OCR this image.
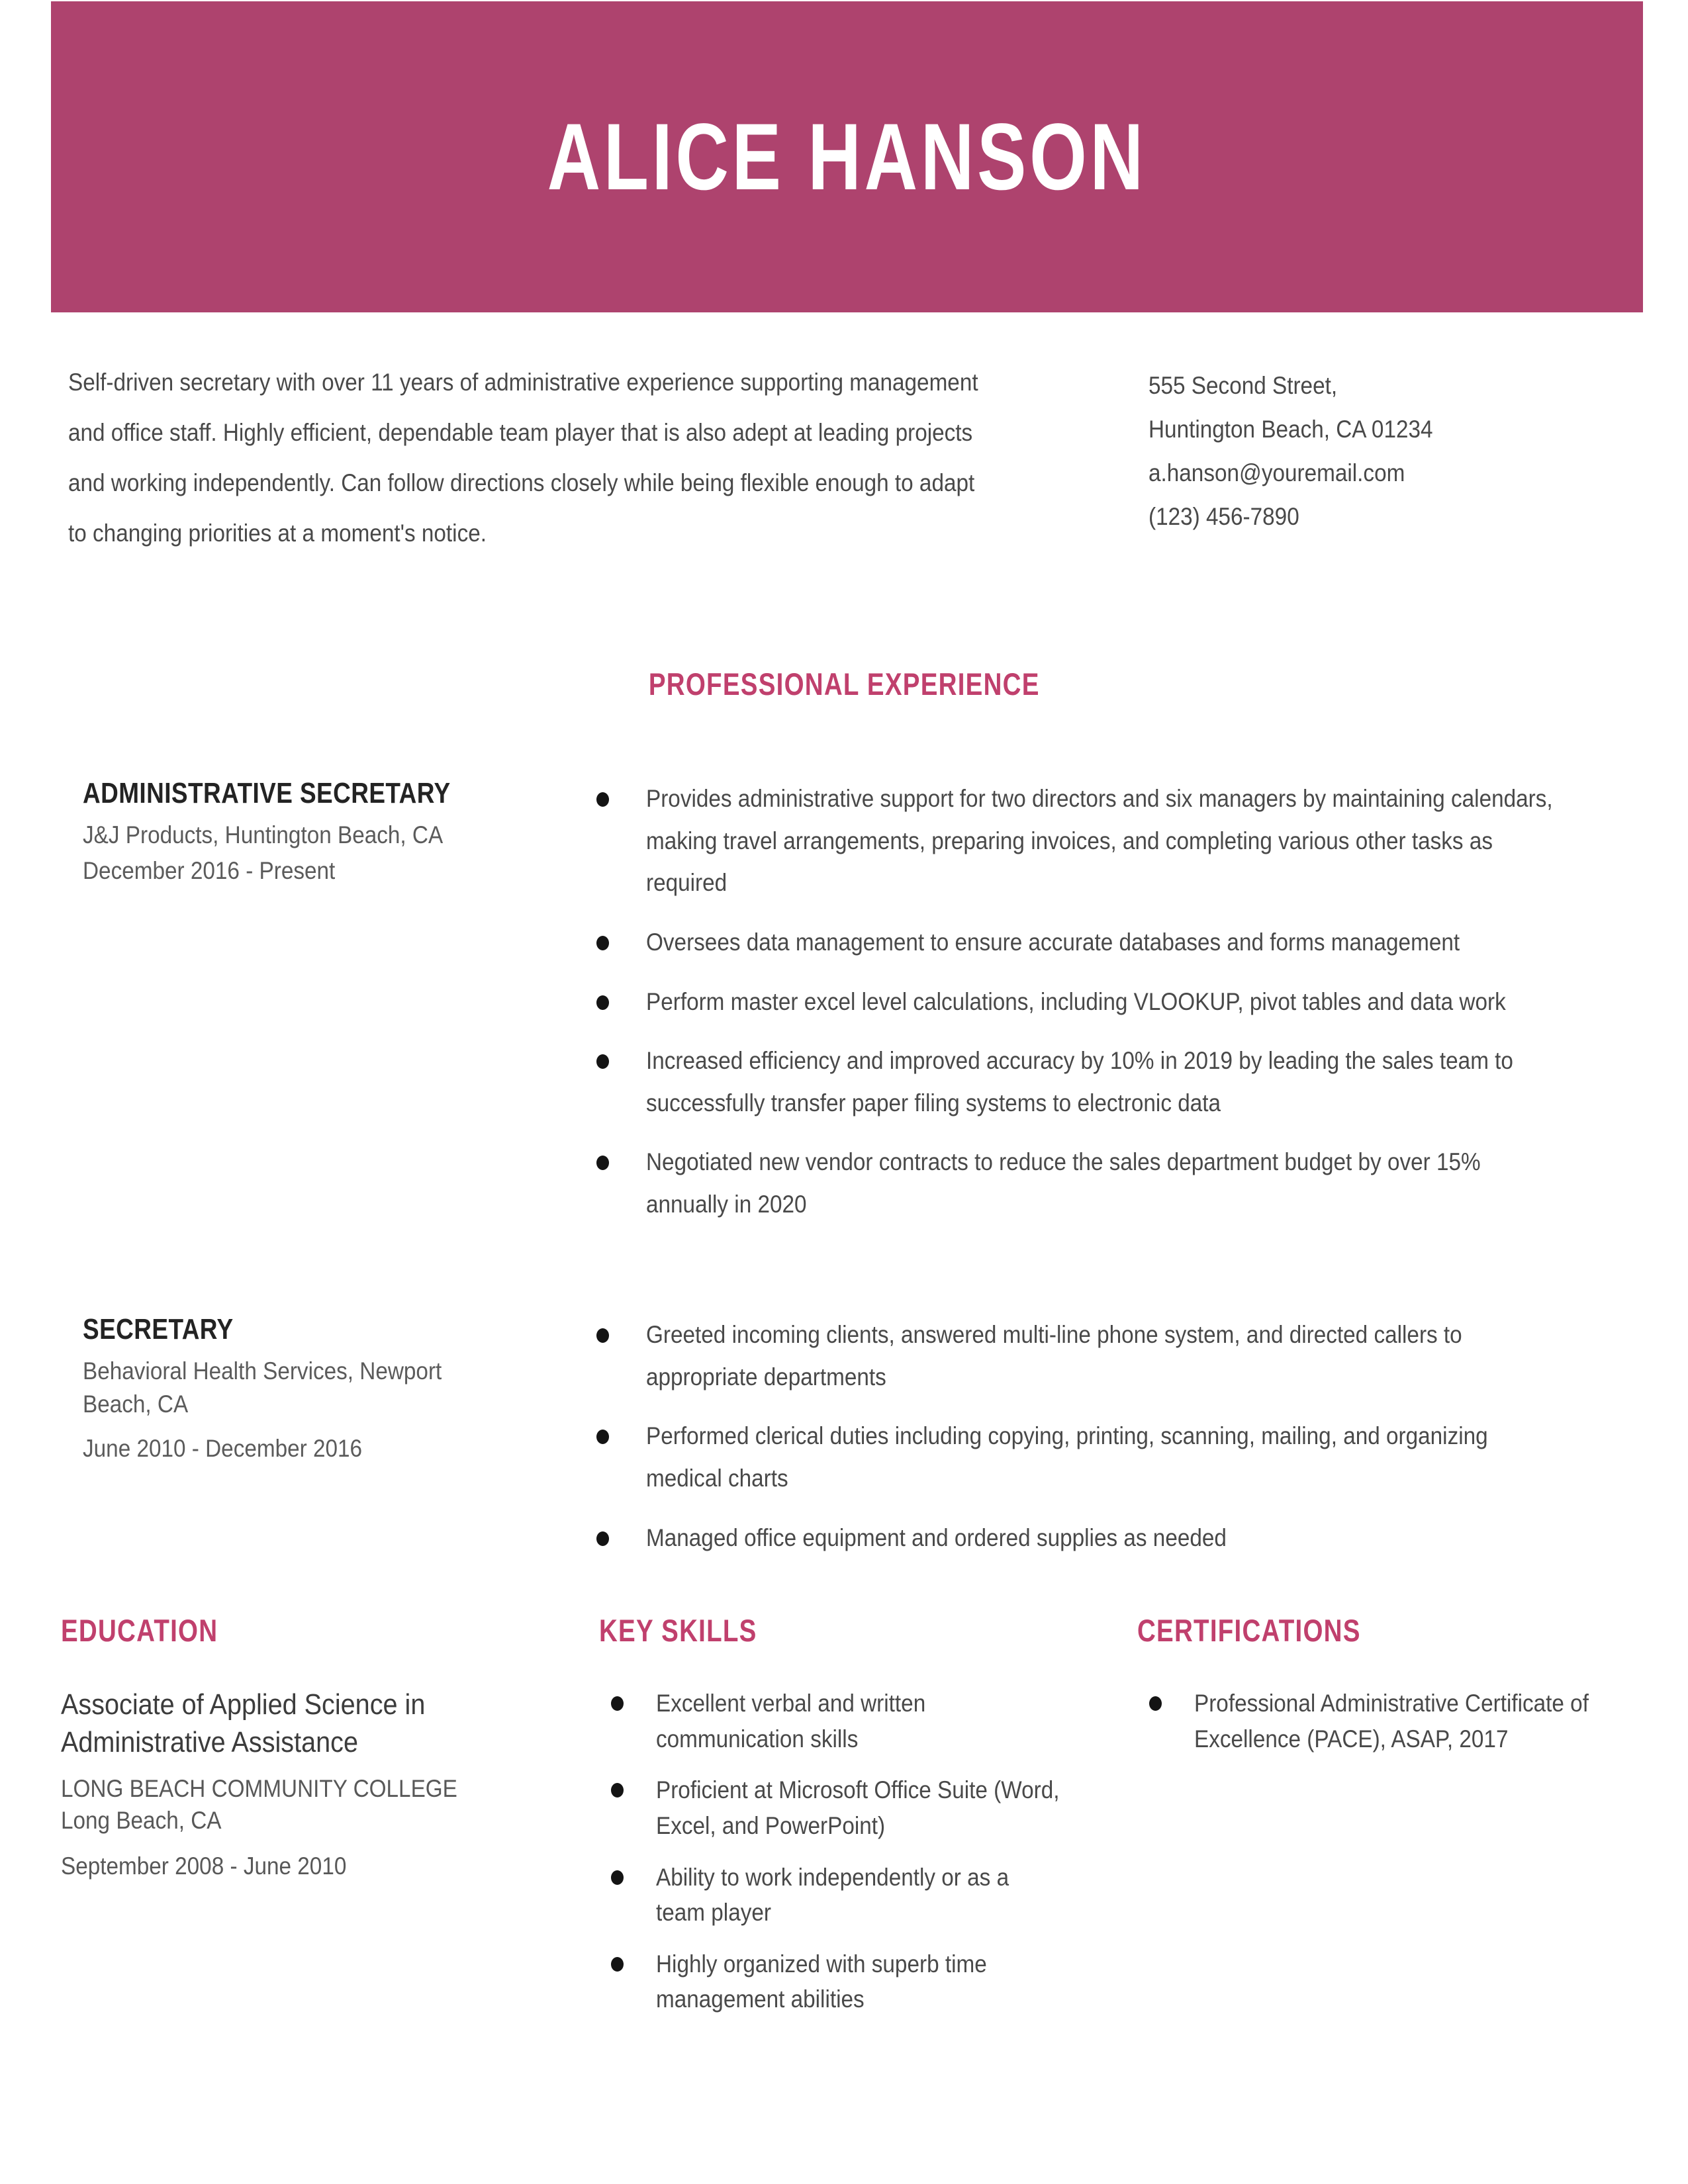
ALICE HANSON
Self-driven secretary with over 11 years of administrative experience supporting management and office staff. Highly efficient, dependable team player that is also adept at leading projects and working independently. Can follow directions closely while being flexible enough to adapt to changing priorities at a moment's notice.
555 Second Street,
Huntington Beach, CA 01234
a.hanson@youremail.com
(123) 456-7890
PROFESSIONAL EXPERIENCE
ADMINISTRATIVE SECRETARY
J&J Products, Huntington Beach, CA
December 2016 - Present
Provides administrative support for two directors and six managers by maintaining calendars, making travel arrangements, preparing invoices, and completing various other tasks as required
Oversees data management to ensure accurate databases and forms management
Perform master excel level calculations, including VLOOKUP, pivot tables and data work
Increased efficiency and improved accuracy by 10% in 2019 by leading the sales team to successfully transfer paper filing systems to electronic data
Negotiated new vendor contracts to reduce the sales department budget by over 15% annually in 2020
SECRETARY
Behavioral Health Services, Newport Beach, CA
June 2010 - December 2016
Greeted incoming clients, answered multi-line phone system, and directed callers to appropriate departments
Performed clerical duties including copying, printing, scanning, mailing, and organizing medical charts
Managed office equipment and ordered supplies as needed
EDUCATION
Associate of Applied Science in Administrative Assistance
LONG BEACH COMMUNITY COLLEGE
Long Beach, CA
September 2008 - June 2010
KEY SKILLS
Excellent verbal and written communication skills
Proficient at Microsoft Office Suite (Word, Excel, and PowerPoint)
Ability to work independently or as a team player
Highly organized with superb time management abilities
CERTIFICATIONS
Professional Administrative Certificate of Excellence (PACE), ASAP, 2017
